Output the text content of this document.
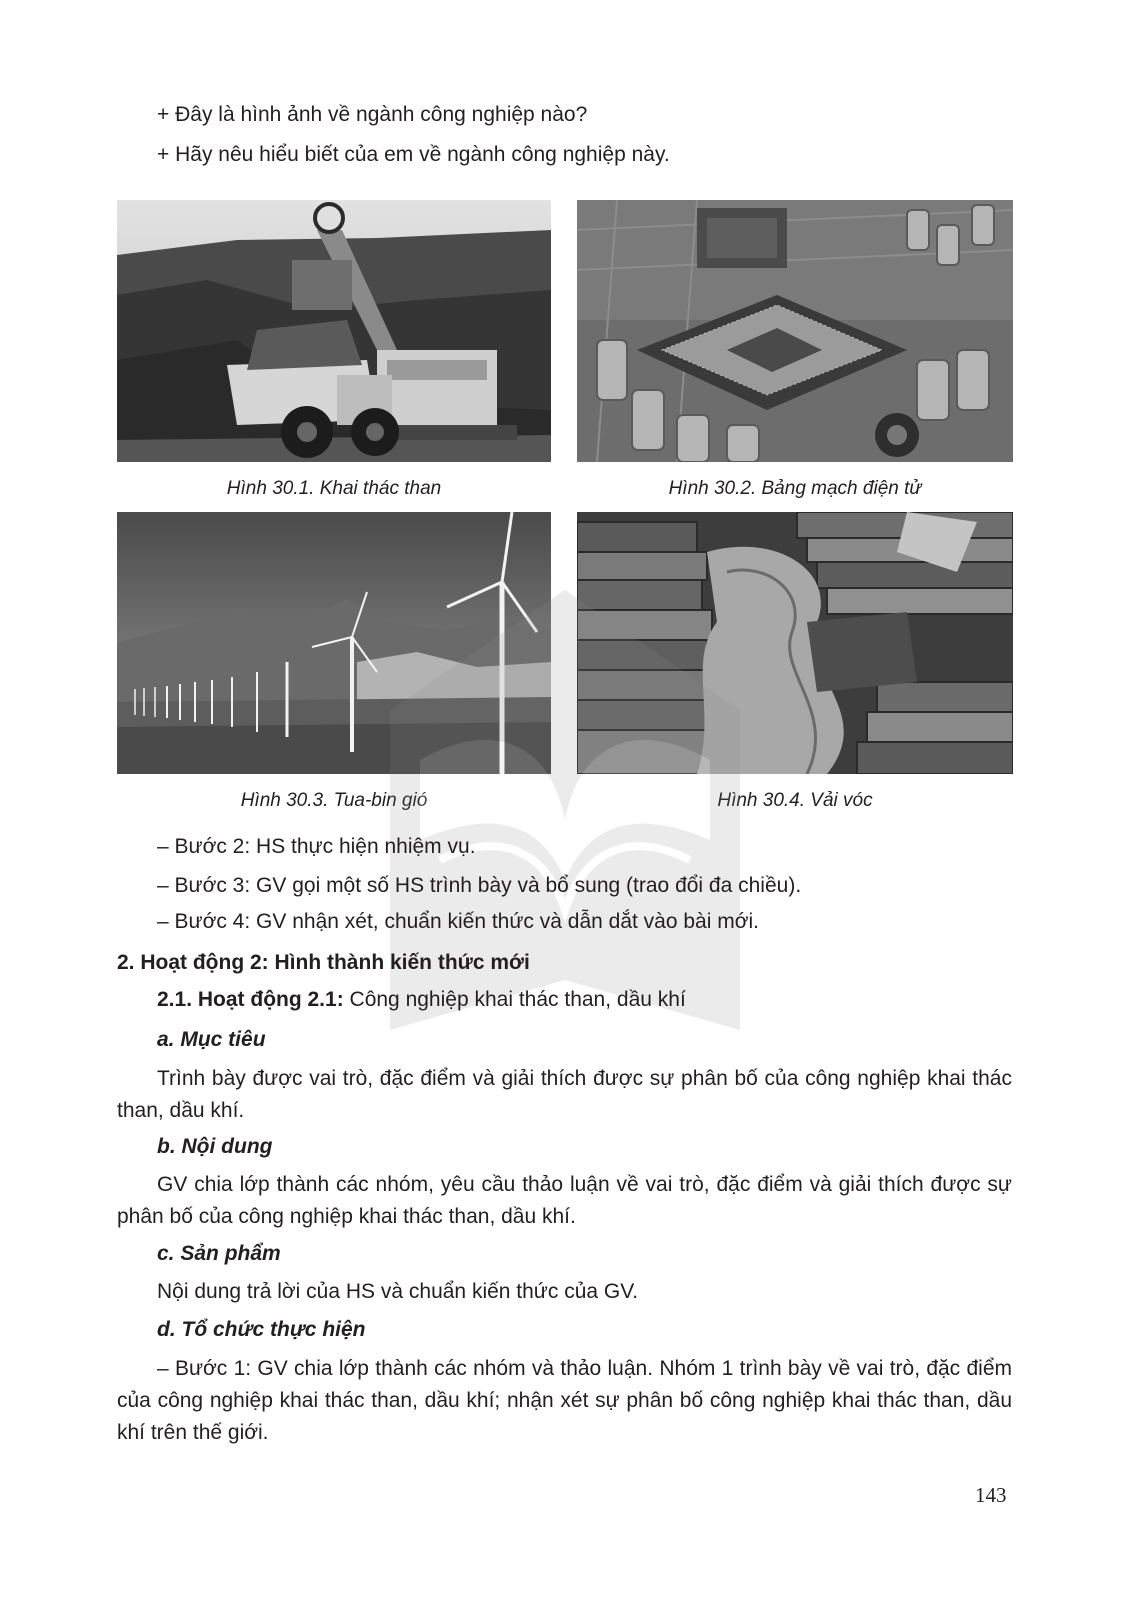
+ Đây là hình ảnh về ngành công nghiệp nào?
+ Hãy nêu hiểu biết của em về ngành công nghiệp này.
Hình 30.1. Khai thác than	Hình 30.2. Bảng mạch điện tử
Hình 30.3. Tua-bin gió	Hình 30.4. Vải vóc
– Bước 2: HS thực hiện nhiệm vụ.
– Bước 3: GV gọi một số HS trình bày và bổ sung (trao đổi đa chiều).
– Bước 4: GV nhận xét, chuẩn kiến thức và dẫn dắt vào bài mới.
2. Hoạt động 2: Hình thành kiến thức mới
2.1. Hoạt động 2.1: Công nghiệp khai thác than, dầu khí
a. Mục tiêu
Trình bày được vai trò, đặc điểm và giải thích được sự phân bố của công nghiệp khai thác than, dầu khí.
b. Nội dung
GV chia lớp thành các nhóm, yêu cầu thảo luận về vai trò, đặc điểm và giải thích được sự phân bố của công nghiệp khai thác than, dầu khí.
c. Sản phẩm
Nội dung trả lời của HS và chuẩn kiến thức của GV.
d. Tổ chức thực hiện
– Bước 1: GV chia lớp thành các nhóm và thảo luận. Nhóm 1 trình bày về vai trò, đặc điểm của công nghiệp khai thác than, dầu khí; nhận xét sự phân bố công nghiệp khai thác than, dầu khí trên thế giới.
143
